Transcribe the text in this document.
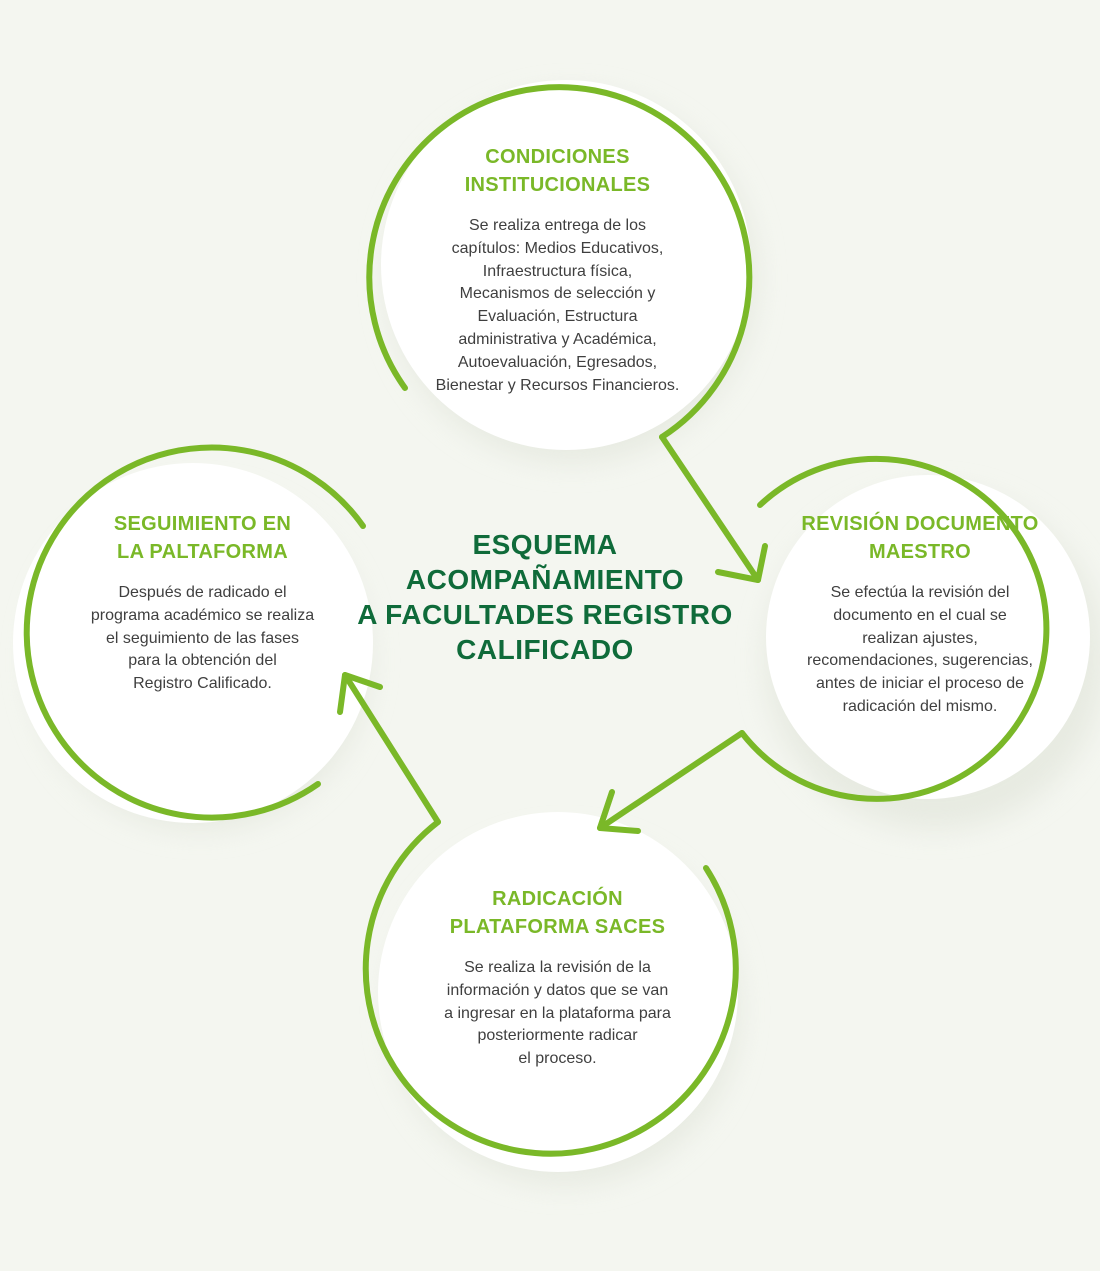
ESQUEMA
ACOMPAÑAMIENTO
A FACULTADES REGISTRO
CALIFICADO
CONDICIONES
INSTITUCIONALES
Se realiza entrega de los
capítulos: Medios Educativos,
Infraestructura física,
Mecanismos de selección y
Evaluación, Estructura
administrativa y Académica,
Autoevaluación, Egresados,
Bienestar y Recursos Financieros.
REVISIÓN DOCUMENTO
MAESTRO
Se efectúa la revisión del
documento en el cual se
realizan ajustes,
recomendaciones, sugerencias,
antes de iniciar el proceso de
radicación del mismo.
RADICACIÓN
PLATAFORMA SACES
Se realiza la revisión de la
información y datos que se van
a ingresar en la plataforma para
posteriormente radicar
el proceso.
SEGUIMIENTO EN
LA PALTAFORMA
Después de radicado el
programa académico se realiza
el seguimiento de las fases
para la obtención del
Registro Calificado.
